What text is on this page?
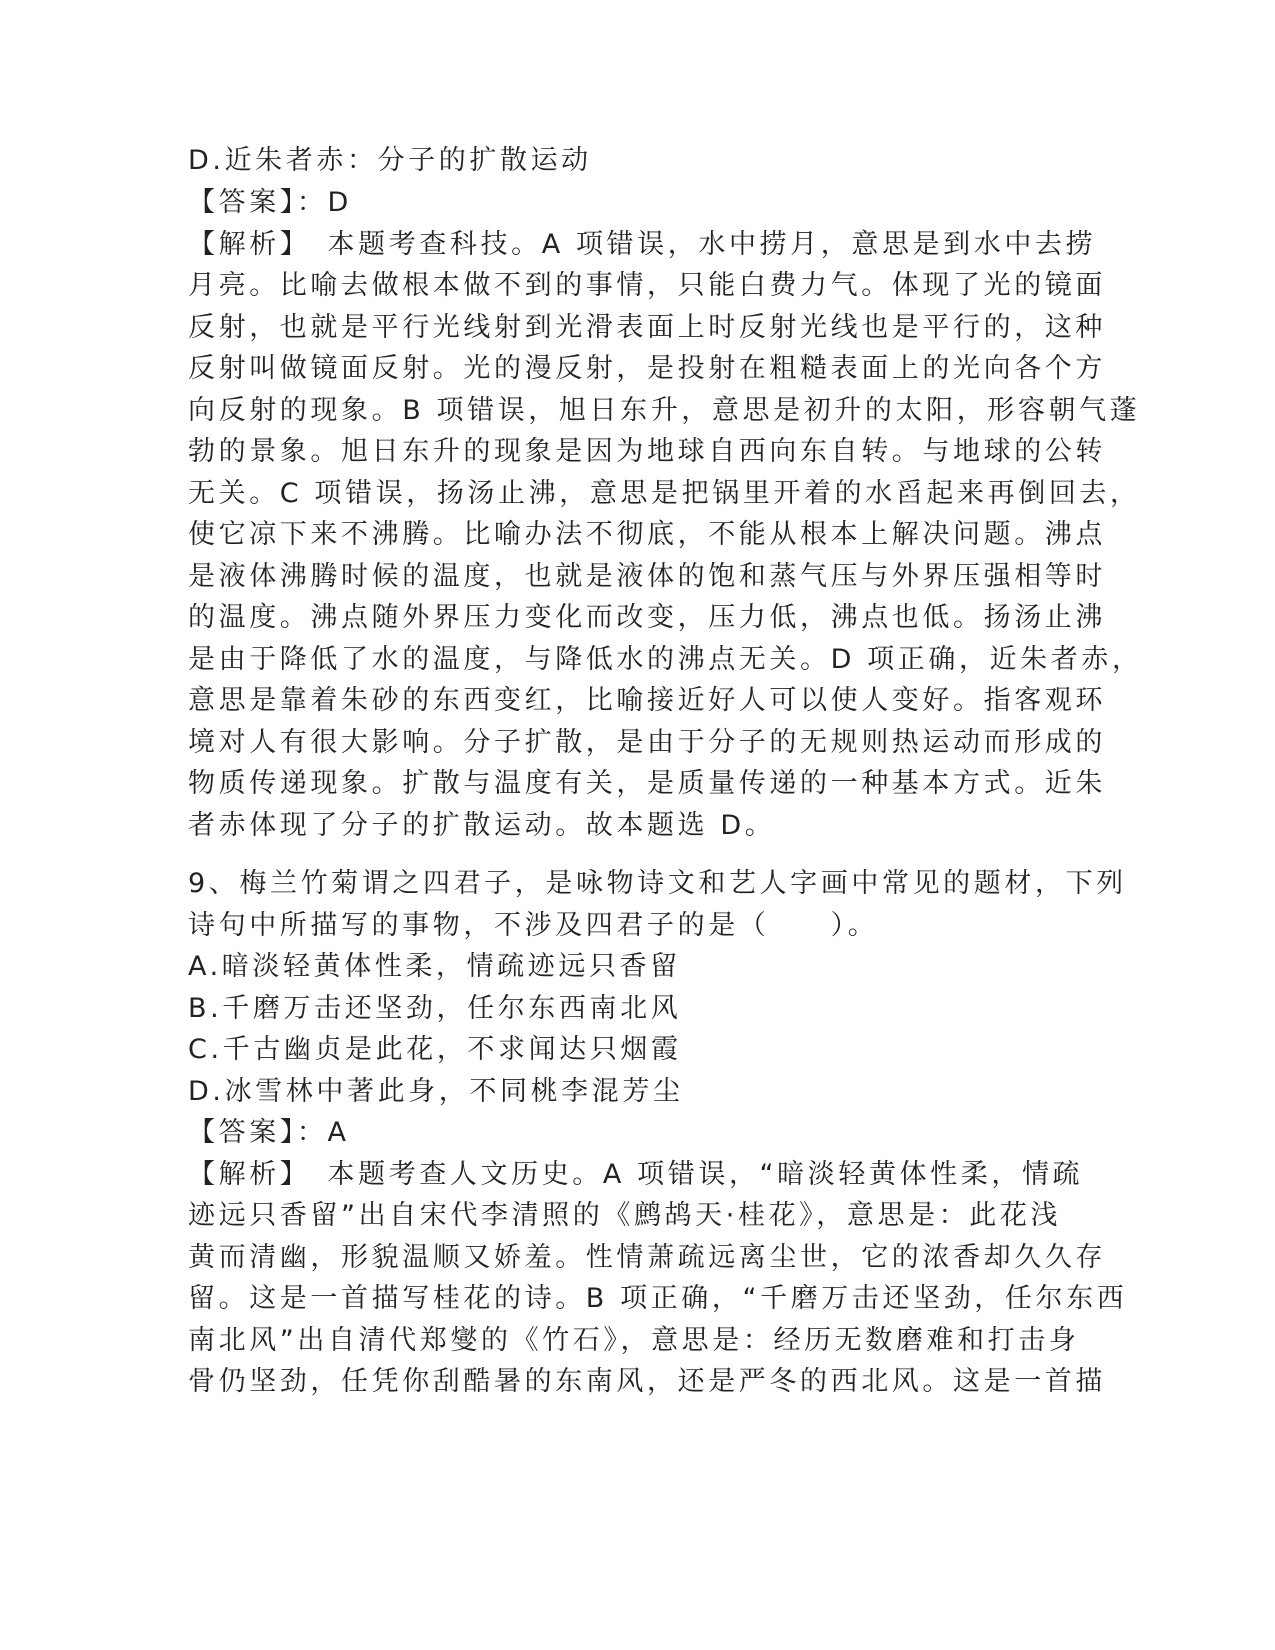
D.近朱者赤：分子的扩散运动
【答案】：D
【解析】　本题考查科技。A 项错误，水中捞月，意思是到水中去捞
月亮。比喻去做根本做不到的事情，只能白费力气。体现了光的镜面
反射，也就是平行光线射到光滑表面上时反射光线也是平行的，这种
反射叫做镜面反射。光的漫反射，是投射在粗糙表面上的光向各个方
向反射的现象。B 项错误，旭日东升，意思是初升的太阳，形容朝气蓬
勃的景象。旭日东升的现象是因为地球自西向东自转。与地球的公转
无关。C 项错误，扬汤止沸，意思是把锅里开着的水舀起来再倒回去，
使它凉下来不沸腾。比喻办法不彻底，不能从根本上解决问题。沸点
是液体沸腾时候的温度，也就是液体的饱和蒸气压与外界压强相等时
的温度。沸点随外界压力变化而改变，压力低，沸点也低。扬汤止沸
是由于降低了水的温度，与降低水的沸点无关。D 项正确，近朱者赤，
意思是靠着朱砂的东西变红，比喻接近好人可以使人变好。指客观环
境对人有很大影响。分子扩散，是由于分子的无规则热运动而形成的
物质传递现象。扩散与温度有关，是质量传递的一种基本方式。近朱
者赤体现了分子的扩散运动。故本题选 D。
9、梅兰竹菊谓之四君子，是咏物诗文和艺人字画中常见的题材，下列
诗句中所描写的事物，不涉及四君子的是（　　）。
A.暗淡轻黄体性柔，情疏迹远只香留
B.千磨万击还坚劲，任尔东西南北风
C.千古幽贞是此花，不求闻达只烟霞
D.冰雪林中著此身，不同桃李混芳尘
【答案】：A
【解析】　本题考查人文历史。A 项错误，“暗淡轻黄体性柔，情疏
迹远只香留”出自宋代李清照的《鹧鸪天·桂花》，意思是：此花浅
黄而清幽，形貌温顺又娇羞。性情萧疏远离尘世，它的浓香却久久存
留。这是一首描写桂花的诗。B 项正确，“千磨万击还坚劲，任尔东西
南北风”出自清代郑燮的《竹石》，意思是：经历无数磨难和打击身
骨仍坚劲，任凭你刮酷暑的东南风，还是严冬的西北风。这是一首描
